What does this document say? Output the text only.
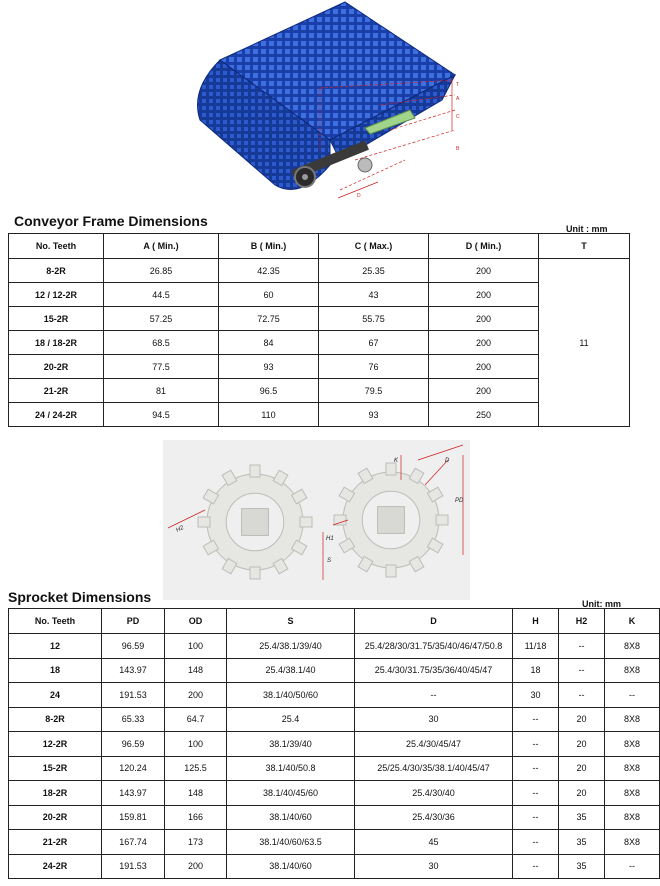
T
A
C
B
D
Conveyor Frame Dimensions	Unit : mm
No. Teeth	A ( Min.)	B ( Min.)	C ( Max.)	D ( Min.)	T
8-2R	26.85	42.35	25.35	200	11
12 / 12-2R	44.5	60	43	200	
15-2R	57.25	72.75	55.75	200	
18 / 18-2R	68.5	84	67	200	
20-2R	77.5	93	76	200	
21-2R	81	96.5	79.5	200	
24 / 24-2R	94.5	110	93	250	
H2
H1
S
K	D
PD
Sprocket Dimensions	Unit: mm
No. Teeth	PD	OD	S	D	H	H2	K
12	96.59	100	25.4/38.1/39/40	25.4/28/30/31.75/35/40/46/47/50.8	11/18	--	8X8
18	143.97	148	25.4/38.1/40	25.4/30/31.75/35/36/40/45/47	18	--	8X8
24	191.53	200	38.1/40/50/60	--	30	--	--
8-2R	65.33	64.7	25.4	30	--	20	8X8
12-2R	96.59	100	38.1/39/40	25.4/30/45/47	--	20	8X8
15-2R	120.24	125.5	38.1/40/50.8	25/25.4/30/35/38.1/40/45/47	--	20	8X8
18-2R	143.97	148	38.1/40/45/60	25.4/30/40	--	20	8X8
20-2R	159.81	166	38.1/40/60	25.4/30/36	--	35	8X8
21-2R	167.74	173	38.1/40/60/63.5	45	--	35	8X8
24-2R	191.53	200	38.1/40/60	30	--	35	--
